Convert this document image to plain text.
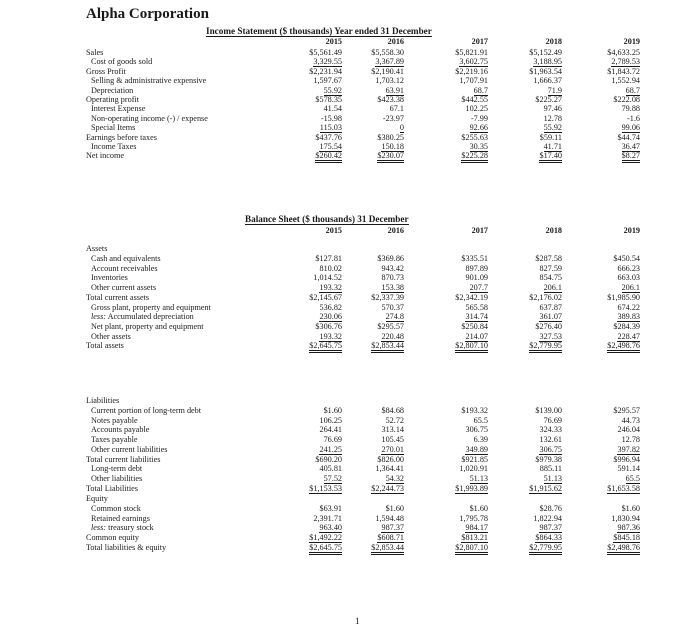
Alpha Corporation
Income Statement ($ thousands) Year ended 31 December
Balance Sheet ($ thousands) 31 December
2015	2016	2017	2018	2019
Sales	$5,561.49	$5,558.30	$5,821.91	$5,152.49	$4,633.25
Cost of goods sold	3,329.55	3,367.89	3,602.75	3,188.95	2,789.53
Gross Profit	$2,231.94	$2,190.41	$2,219.16	$1,963.54	$1,843.72
Selling & administrative expensive	1,597.67	1,703.12	1,707.91	1,666.37	1,552.94
Depreciation	55.92	63.91	68.7	71.9	68.7
Operating profit	$578.35	$423.38	$442.55	$225.27	$222.08
Interest Expense	41.54	67.1	102.25	97.46	79.88
Non-operating income (-) / expense	-15.98	-23.97	-7.99	12.78	-1.6
Special Items	115.03	0	92.66	55.92	99.06
Earnings before taxes	$437.76	$380.25	$255.63	$59.11	$44.74
Income Taxes	175.54	150.18	30.35	41.71	36.47
Net income	$260.42	$230.07	$225.28	$17.40	$8.27
2015	2016	2017	2018	2019
Assets
Cash and equivalents	$127.81	$369.86	$335.51	$287.58	$450.54
Account receivables	810.02	943.42	897.89	827.59	666.23
Inventories	1,014.52	870.73	901.09	854.75	663.03
Other current assets	193.32	153.38	207.7	206.1	206.1
Total current assets	$2,145.67	$2,337.39	$2,342.19	$2,176.02	$1,985.90
Gross plant, property and equipment	536.82	570.37	565.58	637.87	674.22
less: Accumulated depreciation	230.06	274.8	314.74	361.07	389.83
Net plant, property and equipment	$306.76	$295.57	$250.84	$276.40	$284.39
Other assets	193.32	220.48	214.07	327.53	228.47
Total assets	$2,645.75	$2,853.44	$2,807.10	$2,779.95	$2,498.76
Liabilities
Current portion of long-term debt	$1.60	$84.68	$193.32	$139.00	$295.57
Notes payable	106.25	52.72	65.5	76.69	44.73
Accounts payable	264.41	313.14	306.75	324.33	246.04
Taxes payable	76.69	105.45	6.39	132.61	12.78
Other current liabilities	241.25	270.01	349.89	306.75	397.82
Total current liabilities	$690.20	$826.00	$921.85	$979.38	$996.94
Long-term debt	405.81	1,364.41	1,020.91	885.11	591.14
Other liabilities	57.52	54.32	51.13	51.13	65.5
Total Liabilities	$1,153.53	$2,244.73	$1,993.89	$1,915.62	$1,653.58
Equity
Common stock	$63.91	$1.60	$1.60	$28.76	$1.60
Retained earnings	2,391.71	1,594.48	1,795.78	1,822.94	1,830.94
less: treasury stock	963.40	987.37	984.17	987.37	987.36
Common equity	$1,492.22	$608.71	$813.21	$864.33	$845.18
Total liabilities & equity	$2,645.75	$2,853.44	$2,807.10	$2,779.95	$2,498.76
1
